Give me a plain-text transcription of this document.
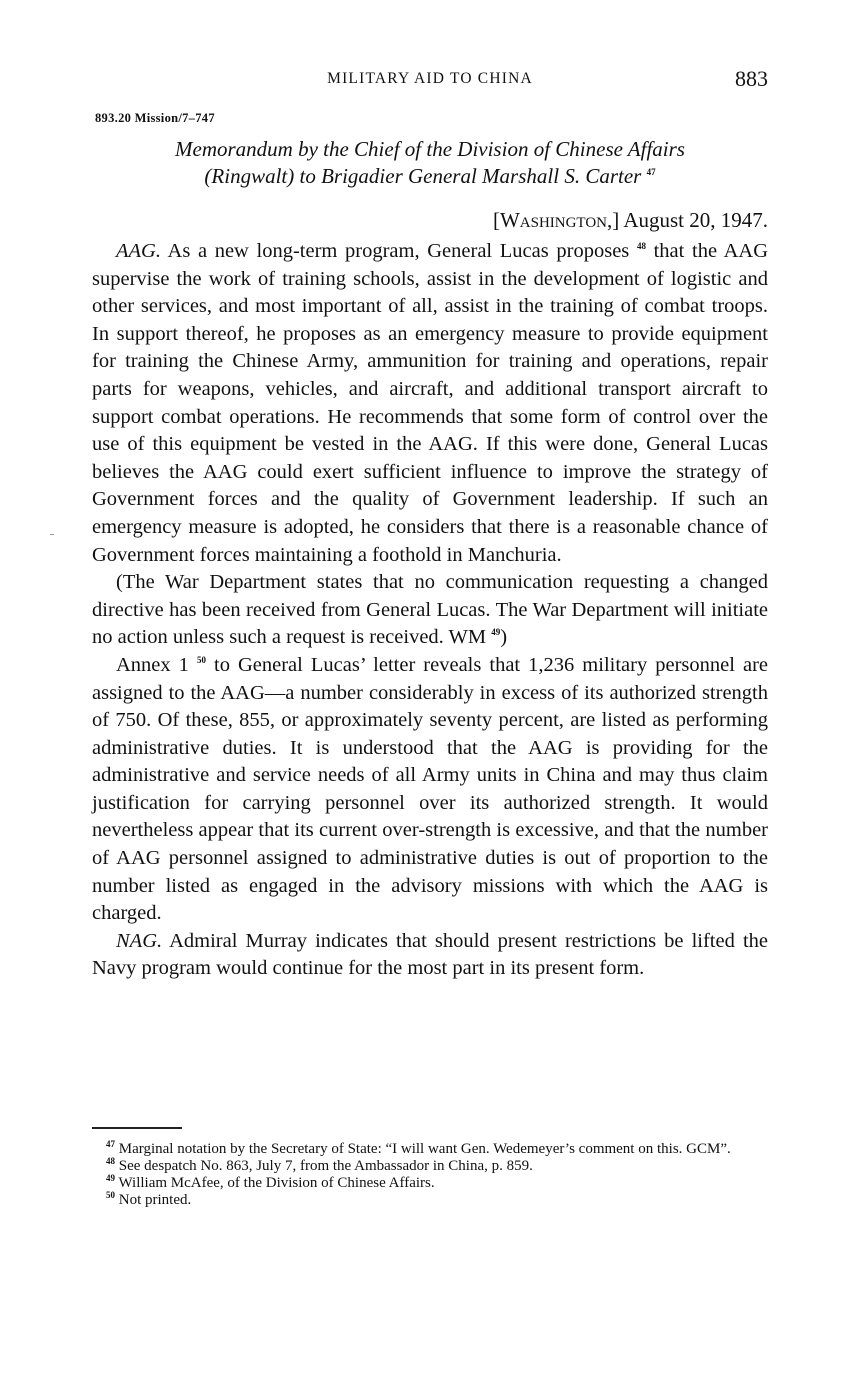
MILITARY AID TO CHINA	883
893.20 Mission/7–747
Memorandum by the Chief of the Division of Chinese Affairs
(Ringwalt) to Brigadier General Marshall S. Carter $^{47}$
[Washington,] August 20, 1947.

AAG. As a new long-term program, General Lucas proposes $^{48}$ that the AAG supervise the work of training schools, assist in the development of logistic and other services, and most important of all, assist in the training of combat troops. In support thereof, he proposes as an emergency measure to provide equipment for training the Chinese Army, ammunition for training and operations, repair parts for weapons, vehicles, and aircraft, and additional transport aircraft to support combat operations. He recommends that some form of control over the use of this equipment be vested in the AAG. If this were done, General Lucas believes the AAG could exert sufficient influence to improve the strategy of Government forces and the quality of Government leadership. If such an emergency measure is adopted, he considers that there is a reasonable chance of Government forces maintaining a foothold in Manchuria.

(The War Department states that no communication requesting a changed directive has been received from General Lucas. The War Department will initiate no action unless such a request is received. WM $^{49}$)

Annex 1 $^{50}$ to General Lucas’ letter reveals that 1,236 military personnel are assigned to the AAG—a number considerably in excess of its authorized strength of 750. Of these, 855, or approximately seventy percent, are listed as performing administrative duties. It is understood that the AAG is providing for the administrative and service needs of all Army units in China and may thus claim justification for carrying personnel over its authorized strength. It would nevertheless appear that its current over-strength is excessive, and that the number of AAG personnel assigned to administrative duties is out of proportion to the number listed as engaged in the advisory missions with which the AAG is charged.

NAG. Admiral Murray indicates that should present restrictions be lifted the Navy program would continue for the most part in its present form.

$^{47}$ Marginal notation by the Secretary of State: “I will want Gen. Wedemeyer’s comment on this. GCM”.

$^{48}$ See despatch No. 863, July 7, from the Ambassador in China, p. 859.

$^{49}$ William McAfee, of the Division of Chinese Affairs.

$^{50}$ Not printed.
